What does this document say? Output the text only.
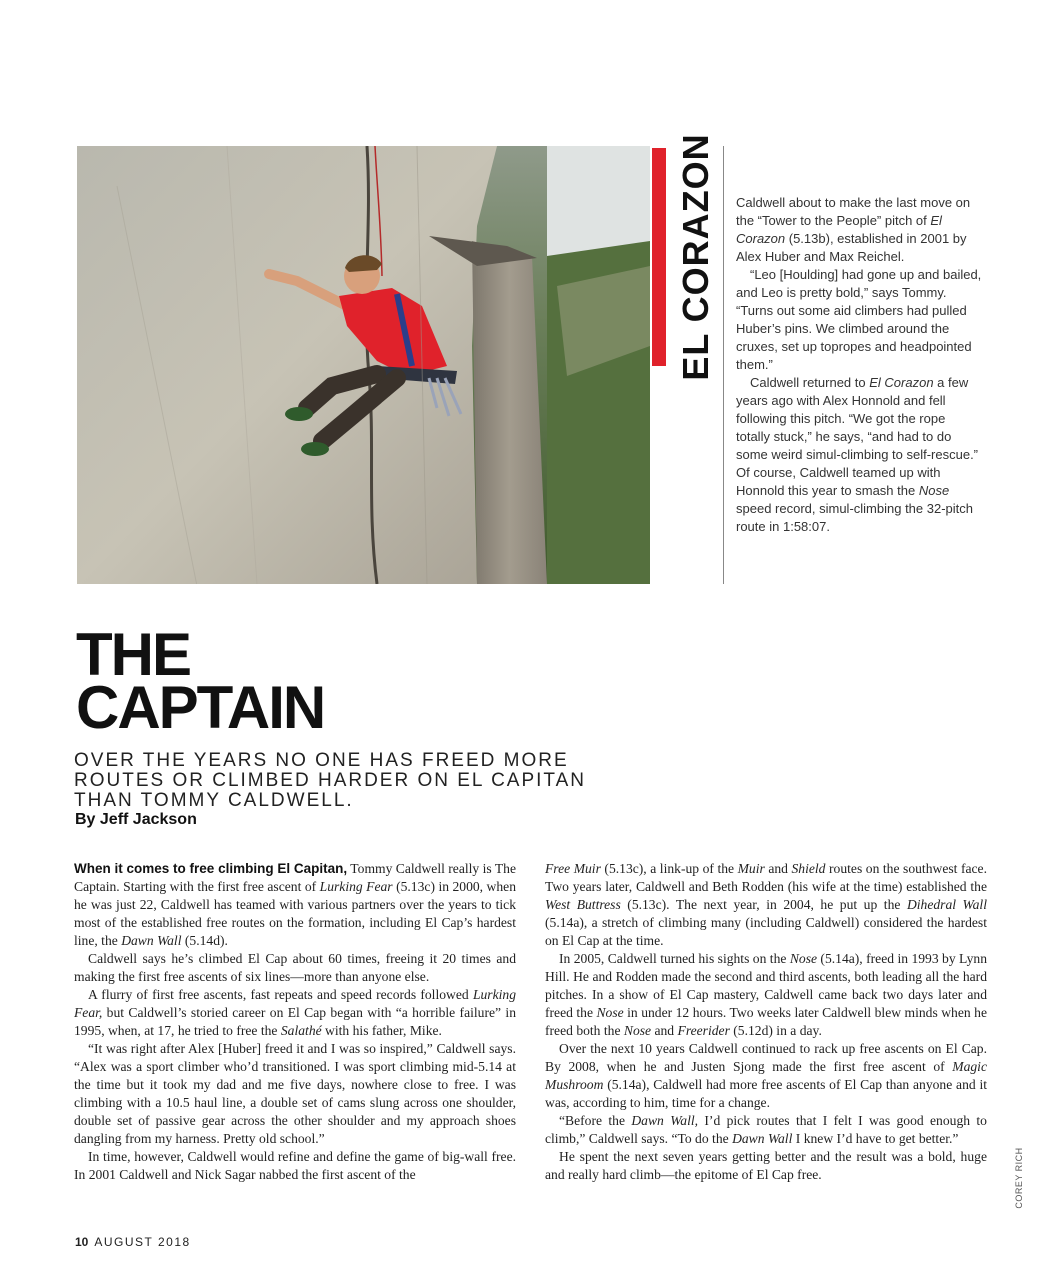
EL CORAZON Caldwell about to make the last move on the “Tower to the People” pitch of El Corazon (5.13b), established in 2001 by Alex Huber and Max Reichel.

“Leo [Houlding] had gone up and bailed, and Leo is pretty bold,” says Tommy. “Turns out some aid climbers had pulled Huber’s pins. We climbed around the cruxes, set up topropes and headpointed them.”

Caldwell returned to El Corazon a few years ago with Alex Honnold and fell following this pitch. “We got the rope totally stuck,” he says, “and had to do some weird simul-climbing to self-rescue.” Of course, Caldwell teamed up with Honnold this year to smash the Nose speed record, simul-climbing the 32-pitch route in 1:58:07.

THE
CAPTAIN
OVER THE YEARS NO ONE HAS FREED MORE ROUTES OR CLIMBED HARDER ON EL CAPITAN THAN TOMMY CALDWELL.
By Jeff Jackson

When it comes to free climbing El Capitan, Tommy Caldwell really is The Captain. Starting with the first free ascent of Lurking Fear (5.13c) in 2000, when he was just 22, Caldwell has teamed with various partners over the years to tick most of the established free routes on the formation, including El Cap’s hardest line, the Dawn Wall (5.14d).

Caldwell says he’s climbed El Cap about 60 times, freeing it 20 times and making the first free ascents of six lines—more than anyone else.

A flurry of first free ascents, fast repeats and speed records followed Lurking Fear, but Caldwell’s storied career on El Cap began with “a horrible failure” in 1995, when, at 17, he tried to free the Salathé with his father, Mike.

“It was right after Alex [Huber] freed it and I was so inspired,” Caldwell says. “Alex was a sport climber who’d transitioned. I was sport climbing mid-5.14 at the time but it took my dad and me five days, nowhere close to free. I was climbing with a 10.5 haul line, a double set of cams slung across one shoulder, double set of passive gear across the other shoulder and my approach shoes dangling from my harness. Pretty old school.”

In time, however, Caldwell would refine and define the game of big-wall free. In 2001 Caldwell and Nick Sagar nabbed the first ascent of the

Free Muir (5.13c), a link-up of the Muir and Shield routes on the southwest face. Two years later, Caldwell and Beth Rodden (his wife at the time) established the West Buttress (5.13c). The next year, in 2004, he put up the Dihedral Wall (5.14a), a stretch of climbing many (including Caldwell) considered the hardest on El Cap at the time.

In 2005, Caldwell turned his sights on the Nose (5.14a), freed in 1993 by Lynn Hill. He and Rodden made the second and third ascents, both leading all the hard pitches. In a show of El Cap mastery, Caldwell came back two days later and freed the Nose in under 12 hours. Two weeks later Caldwell blew minds when he freed both the Nose and Freerider (5.12d) in a day.

Over the next 10 years Caldwell continued to rack up free ascents on El Cap. By 2008, when he and Justen Sjong made the first free ascent of Magic Mushroom (5.14a), Caldwell had more free ascents of El Cap than anyone and it was, according to him, time for a change.

“Before the Dawn Wall, I’d pick routes that I felt I was good enough to climb,” Caldwell says. “To do the Dawn Wall I knew I’d have to get better.”

He spent the next seven years getting better and the result was a bold, huge and really hard climb—the epitome of El Cap free.	COREY RICH
10 AUGUST 2018
